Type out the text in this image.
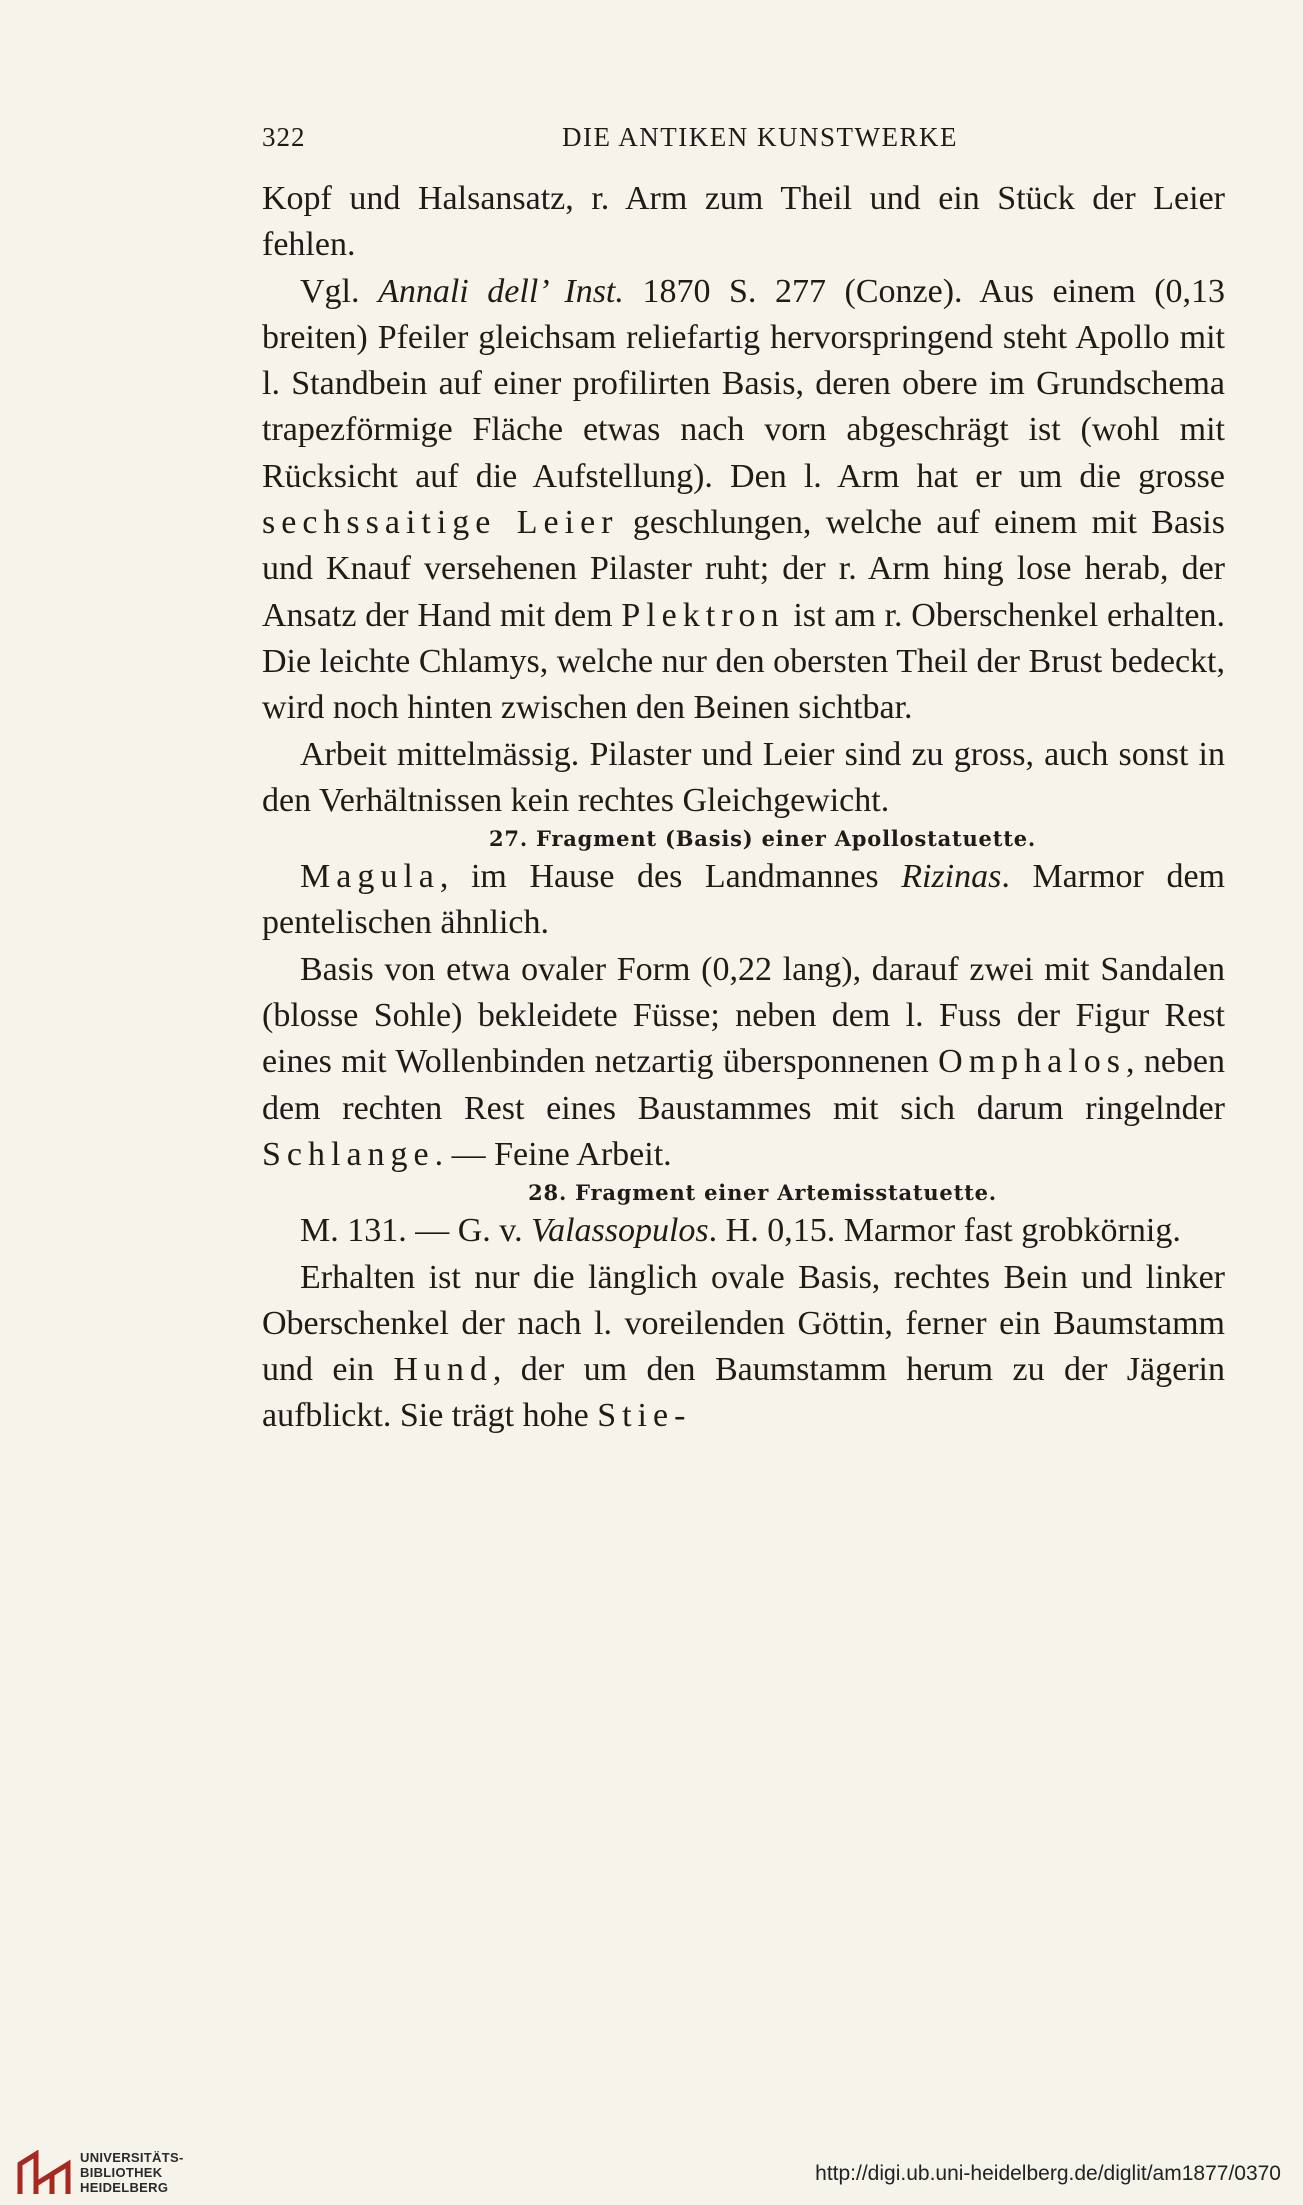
322	DIE ANTIKEN KUNSTWERKE

Kopf und Halsansatz, r. Arm zum Theil und ein Stück der Leier fehlen.

Vgl. Annali dell’ Inst. 1870 S. 277 (Conze). Aus einem (0,13 breiten) Pfeiler gleichsam reliefartig hervorspringend steht Apollo mit l. Standbein auf einer profilirten Basis, deren obere im Grundschema trapezförmige Fläche etwas nach vorn abgeschrägt ist (wohl mit Rücksicht auf die Aufstellung). Den l. Arm hat er um die grosse sechssaitige Leier geschlungen, welche auf einem mit Basis und Knauf versehenen Pilaster ruht; der r. Arm hing lose herab, der Ansatz der Hand mit dem Plektron ist am r. Oberschenkel erhalten. Die leichte Chlamys, welche nur den obersten Theil der Brust bedeckt, wird noch hinten zwischen den Beinen sichtbar.

Arbeit mittelmässig. Pilaster und Leier sind zu gross, auch sonst in den Verhältnissen kein rechtes Gleichgewicht.

27. Fragment (Basis) einer Apollostatuette.

Magula, im Hause des Landmannes Rizinas. Marmor dem pentelischen ähnlich.

Basis von etwa ovaler Form (0,22 lang), darauf zwei mit Sandalen (blosse Sohle) bekleidete Füsse; neben dem l. Fuss der Figur Rest eines mit Wollenbinden netzartig übersponnenen Omphalos, neben dem rechten Rest eines Baustammes mit sich darum ringelnder Schlange. — Feine Arbeit.

28. Fragment einer Artemisstatuette.

M. 131. — G. v. Valassopulos. H. 0,15. Marmor fast grobkörnig.

Erhalten ist nur die länglich ovale Basis, rechtes Bein und linker Oberschenkel der nach l. voreilenden Göttin, ferner ein Baumstamm und ein Hund, der um den Baumstamm herum zu der Jägerin aufblickt. Sie trägt hohe Stie-

UNIVERSITÄTS-
BIBLIOTHEK
HEIDELBERG
http://digi.ub.uni-heidelberg.de/diglit/am1877/0370
